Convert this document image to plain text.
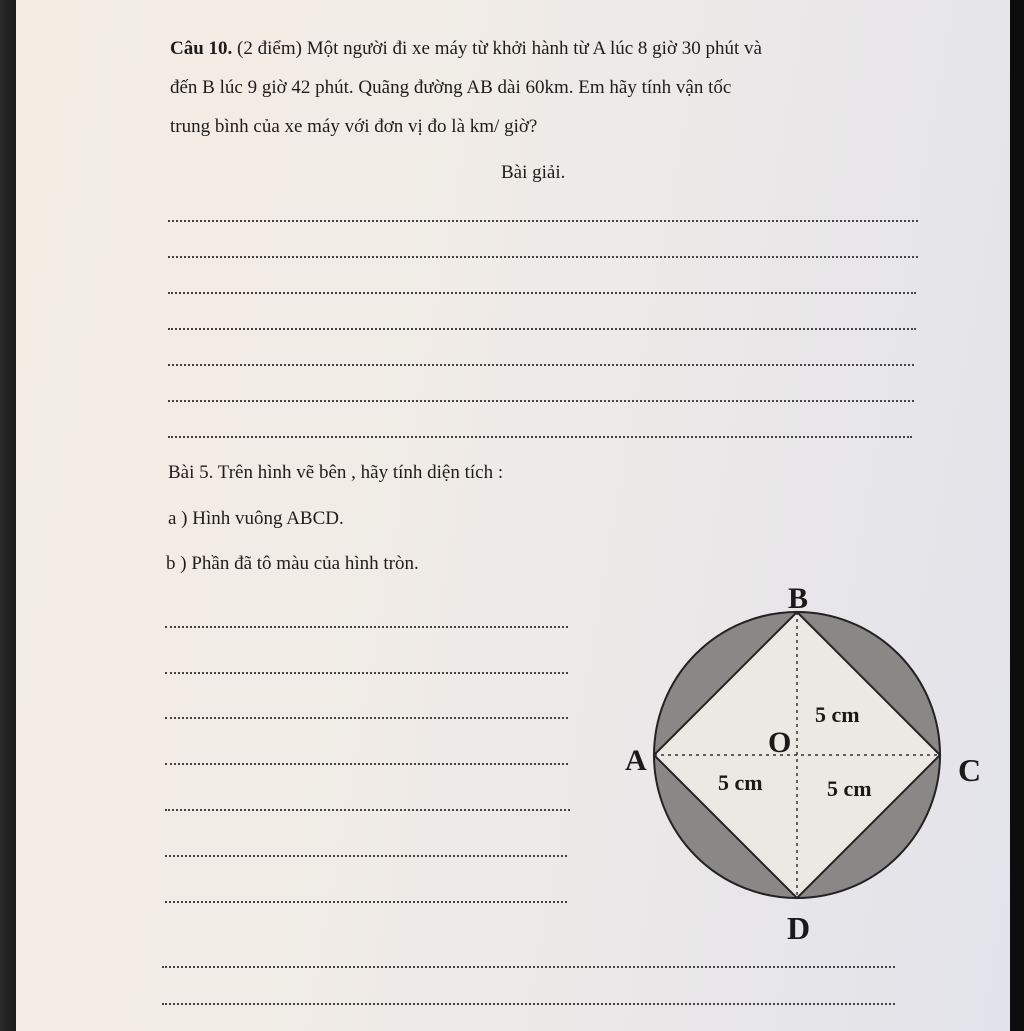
Câu 10. (2 điểm) Một người đi xe máy từ khởi hành từ A lúc 8 giờ 30 phút và
đến B lúc 9 giờ 42 phút. Quãng đường AB dài 60km. Em hãy tính vận tốc
trung bình của xe máy với đơn vị đo là km/ giờ?
Bài giải.
Bài 5. Trên hình vẽ bên , hãy tính diện tích :
a ) Hình vuông ABCD.
b ) Phần đã tô màu của hình tròn.
B
A	C
D
O
5 cm
5 cm	5 cm
